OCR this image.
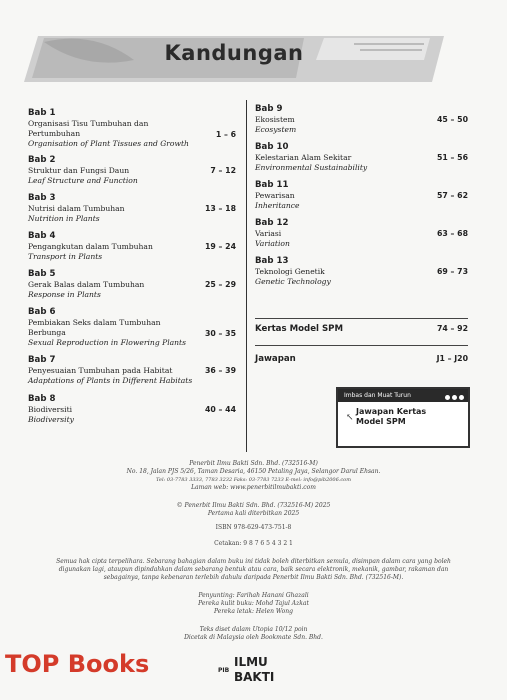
Kandungan
Bab 1
Organisasi Tisu Tumbuhan dan Pertumbuhan
Organisation of Plant Tissues and Growth
1 – 6
Bab 2
Struktur dan Fungsi Daun
Leaf Structure and Function
7 – 12
Bab 3
Nutrisi dalam Tumbuhan
Nutrition in Plants
13 – 18
Bab 4
Pengangkutan dalam Tumbuhan
Transport in Plants
19 – 24
Bab 5
Gerak Balas dalam Tumbuhan
Response in Plants
25 – 29
Bab 6
Pembiakan Seks dalam Tumbuhan Berbunga
Sexual Reproduction in Flowering Plants
30 – 35
Bab 7
Penyesuaian Tumbuhan pada Habitat
Adaptations of Plants in Different Habitats
36 – 39
Bab 8
Biodiversiti
Biodiversity
40 – 44
Bab 9
Ekosistem
Ecosystem
45 – 50
Bab 10
Kelestarian Alam Sekitar
Environmental Sustainability
51 – 56
Bab 11
Pewarisan
Inheritance
57 – 62
Bab 12
Variasi
Variation
63 – 68
Bab 13
Teknologi Genetik
Genetic Technology
69 – 73
Kertas Model SPM	74 – 92
Jawapan	J1 – J20
Imbas dan Muat Turun
↖
Jawapan Kertas
Model SPM
Penerbit Ilmu Bakti Sdn. Bhd. (732516-M)
No. 18, Jalan PJS 5/26, Taman Desaria, 46150 Petaling Jaya, Selangor Darul Ehsan.
Tel: 03-7783 3333, 7783 3232 Faks: 03-7783 7233 E-mel: info@pib2006.com
Laman web: www.penerbitilmubakti.com
© Penerbit Ilmu Bakti Sdn. Bhd. (732516-M) 2025
Pertama kali diterbitkan 2025
ISBN 978-629-473-751-8
Cetakan: 9 8 7 6 5 4 3 2 1
Semua hak cipta terpelihara. Sebarang bahagian dalam buku ini tidak boleh diterbitkan semula, disimpan dalam cara yang boleh
digunakan lagi, ataupun dipindahkan dalam sebarang bentuk atau cara, baik secara elektronik, mekanik, gambar, rakaman dan
sebagainya, tanpa kebenaran terlebih dahulu daripada Penerbit Ilmu Bakti Sdn. Bhd. (732516-M).
Penyunting: Farihah Hanani Ghazali
Pereka kulit buku: Mohd Tajul Azkat
Pereka letak: Helen Wong
Teks diset dalam Utopia 10/12 poin
Dicetak di Malaysia oleh Bookmate Sdn. Bhd.
TOP Books	PIB
ILMU
BAKTI
